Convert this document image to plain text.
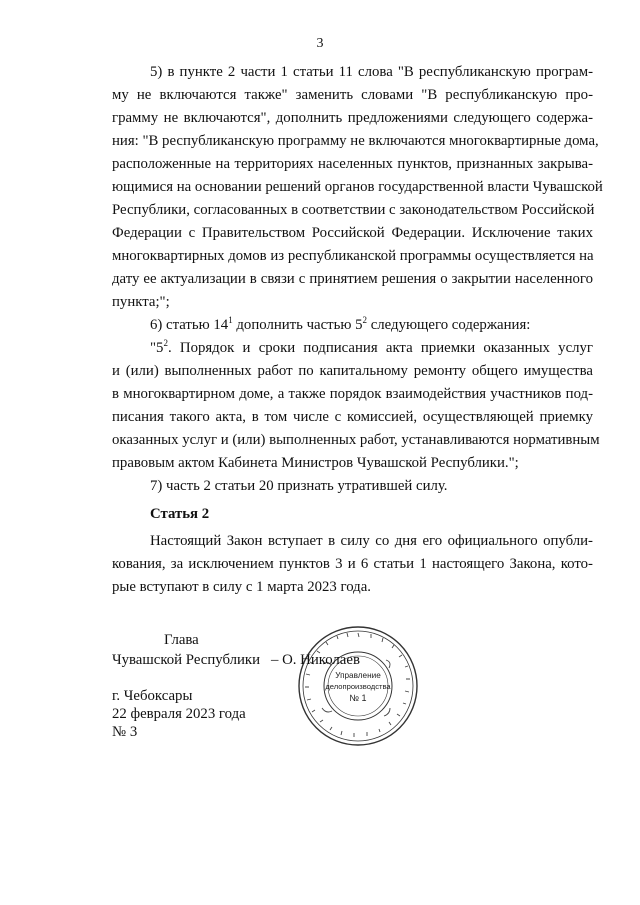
3
5) в пункте 2 части 1 статьи 11 слова "В республиканскую програм-
му не включаются также" заменить словами "В республиканскую про-
грамму не включаются", дополнить предложениями следующего содержа-
ния: "В республиканскую программу не включаются многоквартирные дома,
расположенные на территориях населенных пунктов, признанных закрыва-
ющимися на основании решений органов государственной власти Чувашской
Республики, согласованных в соответствии с законодательством Российской
Федерации с Правительством Российской Федерации. Исключение таких
многоквартирных домов из республиканской программы осуществляется на
дату ее актуализации в связи с принятием решения о закрытии населенного
пункта;";
6) статью $14^1$ дополнить частью $5^2$ следующего содержания:
"$5^2$. Порядок и сроки подписания акта приемки оказанных услуг
и (или) выполненных работ по капитальному ремонту общего имущества
в многоквартирном доме, а также порядок взаимодействия участников под-
писания такого акта, в том числе с комиссией, осуществляющей приемку
оказанных услуг и (или) выполненных работ, устанавливаются нормативным
правовым актом Кабинета Министров Чувашской Республики.";
7) часть 2 статьи 20 признать утратившей силу.
Статья 2
Настоящий Закон вступает в силу со дня его официального опубли-
кования, за исключением пунктов 3 и 6 статьи 1 настоящего Закона, кото-
рые вступают в силу с 1 марта 2023 года.
Управление
делопроизводства
№ 1
Глава
Чувашской Республики – О. Николаев
г. Чебоксары
22 февраля 2023 года
№ 3
